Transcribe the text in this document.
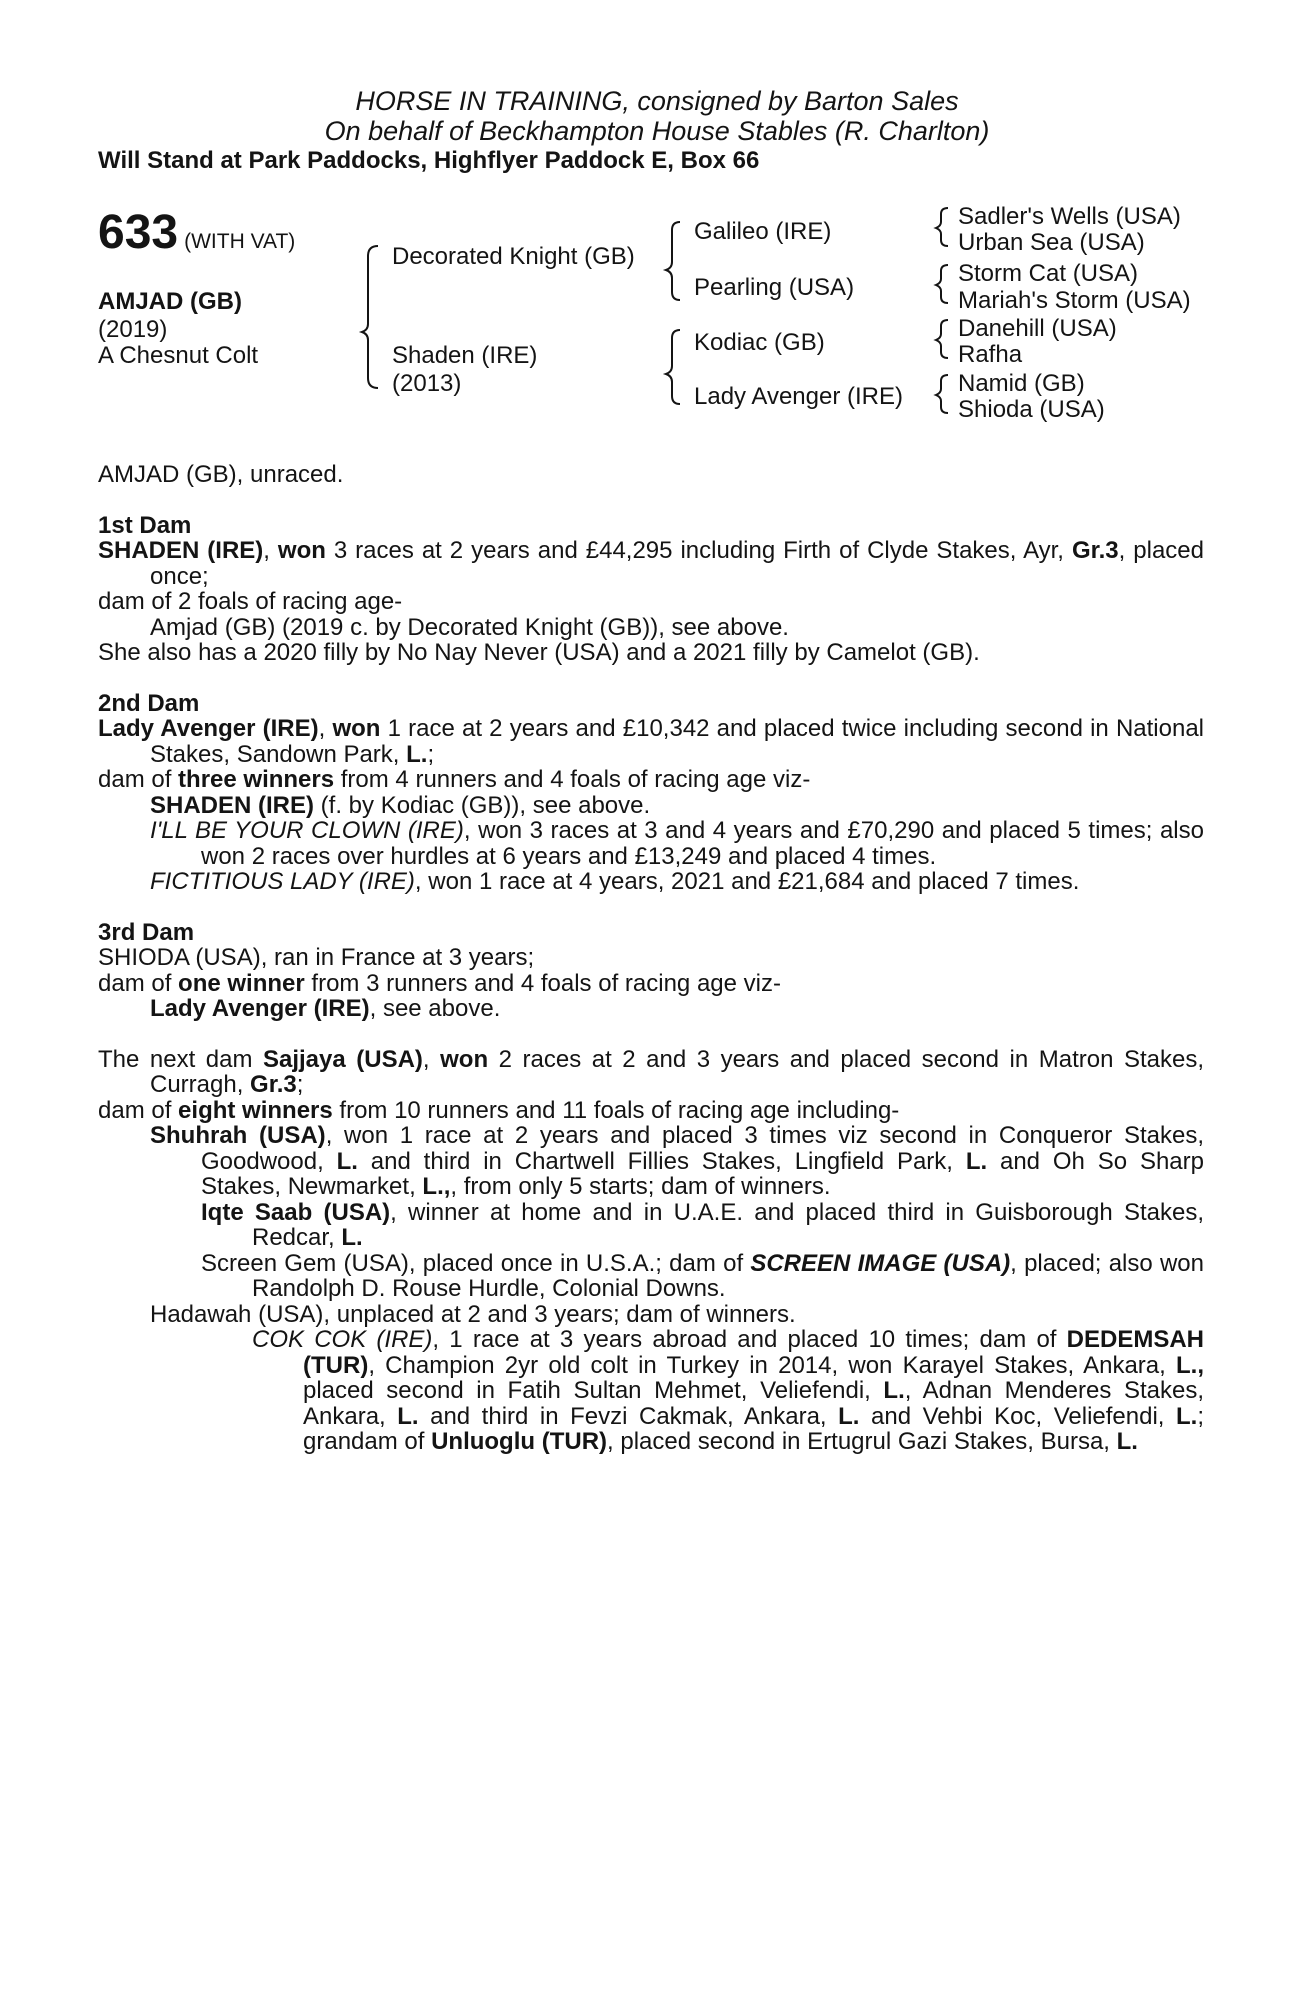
HORSE IN TRAINING, consigned by Barton Sales
On behalf of Beckhampton House Stables (R. Charlton)
Will Stand at Park Paddocks, Highflyer Paddock E, Box 66
633 (WITH VAT)
AMJAD (GB)
(2019)
A Chesnut Colt
Decorated Knight (GB)
Shaden (IRE)
(2013)
Galileo (IRE)
Pearling (USA)
Kodiac (GB)
Lady Avenger (IRE)
Sadler's Wells (USA)
Urban Sea (USA)
Storm Cat (USA)
Mariah's Storm (USA)
Danehill (USA)
Rafha
Namid (GB)
Shioda (USA)

AMJAD (GB), unraced.

1st Dam

SHADEN (IRE), won 3 races at 2 years and £44,295 including Firth of Clyde Stakes, Ayr, Gr.3, placed once;

dam of 2 foals of racing age-

Amjad (GB) (2019 c. by Decorated Knight (GB)), see above.

She also has a 2020 filly by No Nay Never (USA) and a 2021 filly by Camelot (GB).

2nd Dam

Lady Avenger (IRE), won 1 race at 2 years and £10,342 and placed twice including second in National Stakes, Sandown Park, L.;

dam of three winners from 4 runners and 4 foals of racing age viz-

SHADEN (IRE) (f. by Kodiac (GB)), see above.

I'LL BE YOUR CLOWN (IRE), won 3 races at 3 and 4 years and £70,290 and placed 5 times; also won 2 races over hurdles at 6 years and £13,249 and placed 4 times.

FICTITIOUS LADY (IRE), won 1 race at 4 years, 2021 and £21,684 and placed 7 times.

3rd Dam

SHIODA (USA), ran in France at 3 years;

dam of one winner from 3 runners and 4 foals of racing age viz-

Lady Avenger (IRE), see above.

The next dam Sajjaya (USA), won 2 races at 2 and 3 years and placed second in Matron Stakes, Curragh, Gr.3;

dam of eight winners from 10 runners and 11 foals of racing age including-

Shuhrah (USA), won 1 race at 2 years and placed 3 times viz second in Conqueror Stakes, Goodwood, L. and third in Chartwell Fillies Stakes, Lingfield Park, L. and Oh So Sharp Stakes, Newmarket, L.,, from only 5 starts; dam of winners.

Iqte Saab (USA), winner at home and in U.A.E. and placed third in Guisborough Stakes, Redcar, L.

Screen Gem (USA), placed once in U.S.A.; dam of SCREEN IMAGE (USA), placed; also won Randolph D. Rouse Hurdle, Colonial Downs.

Hadawah (USA), unplaced at 2 and 3 years; dam of winners.

COK COK (IRE), 1 race at 3 years abroad and placed 10 times; dam of DEDEMSAH (TUR), Champion 2yr old colt in Turkey in 2014, won Karayel Stakes, Ankara, L., placed second in Fatih Sultan Mehmet, Veliefendi, L., Adnan Menderes Stakes, Ankara, L. and third in Fevzi Cakmak, Ankara, L. and Vehbi Koc, Veliefendi, L.; grandam of Unluoglu (TUR), placed second in Ertugrul Gazi Stakes, Bursa, L.
